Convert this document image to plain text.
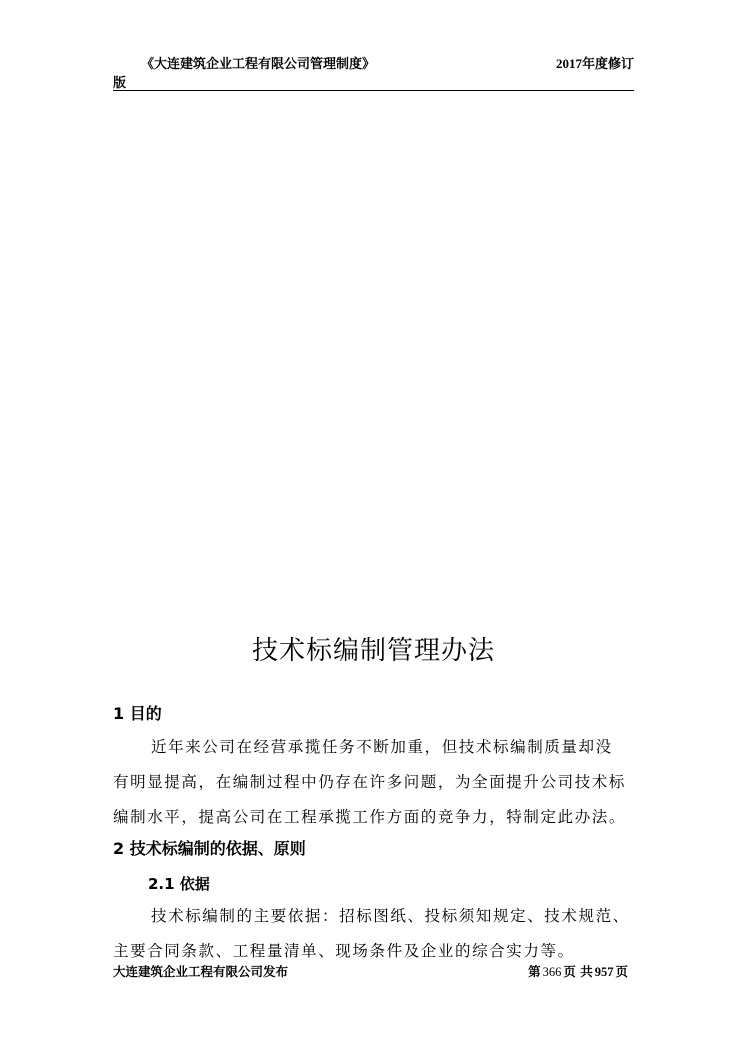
《大连建筑企业工程有限公司管理制度》	2017年度修订
版
技术标编制管理办法
1 目的
近年来公司在经营承揽任务不断加重，但技术标编制质量却没
有明显提高，在编制过程中仍存在许多问题，为全面提升公司技术标
编制水平，提高公司在工程承揽工作方面的竞争力，特制定此办法。
2 技术标编制的依据、原则
2.1 依据
技术标编制的主要依据：招标图纸、投标须知规定、技术规范、
主要合同条款、工程量清单、现场条件及企业的综合实力等。
大连建筑企业工程有限公司发布	第 366 页 共 957 页
